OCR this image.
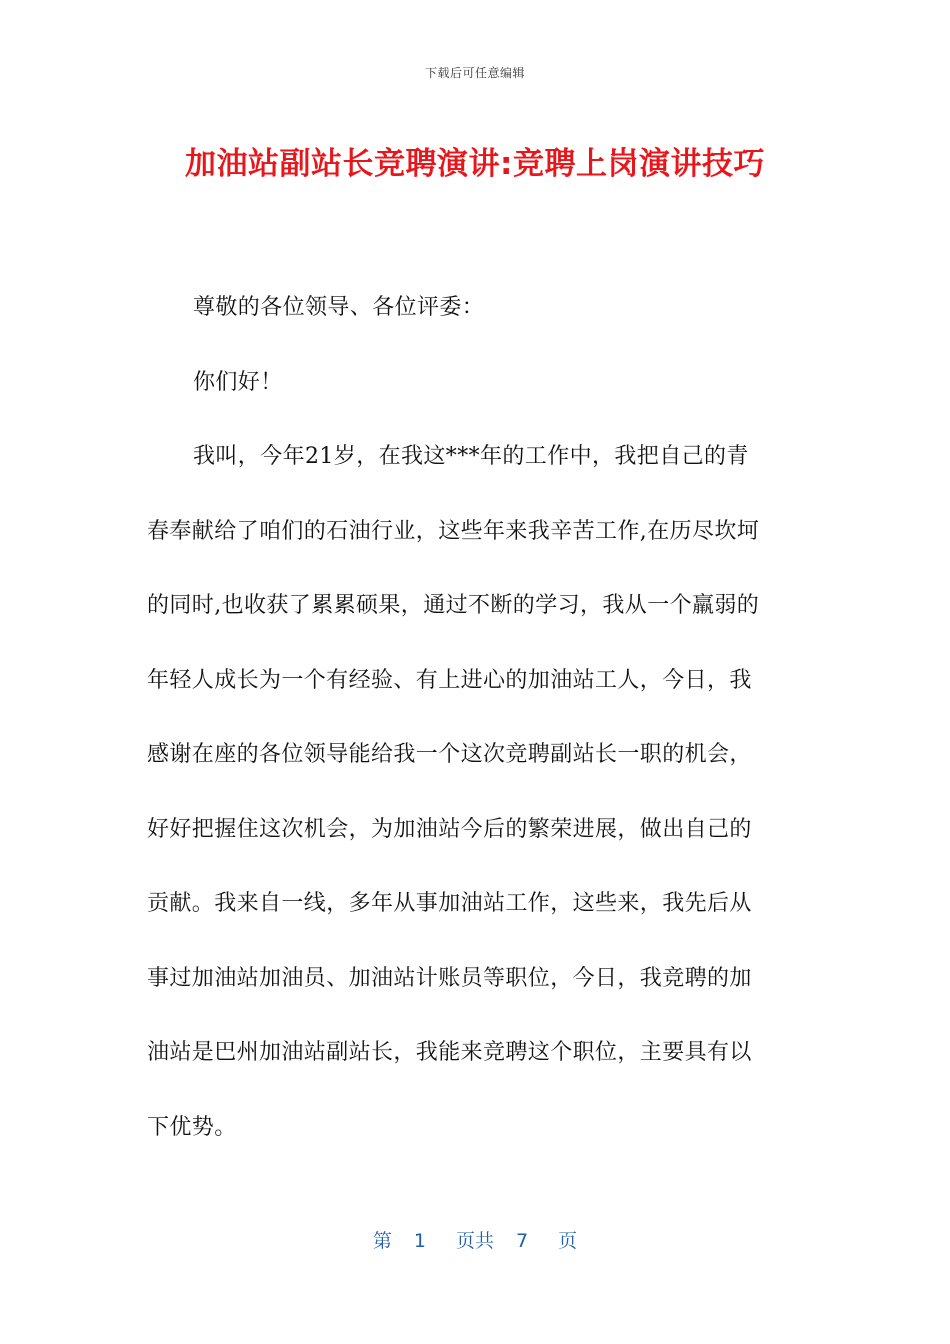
下载后可任意编辑
加油站副站长竞聘演讲:竞聘上岗演讲技巧
尊敬的各位领导、各位评委：
你们好！
我叫，今年21岁，在我这***年的工作中，我把自己的青
春奉献给了咱们的石油行业，这些年来我辛苦工作,在历尽坎坷
的同时,也收获了累累硕果，通过不断的学习，我从一个羸弱的
年轻人成长为一个有经验、有上进心的加油站工人，今日，我
感谢在座的各位领导能给我一个这次竞聘副站长一职的机会，
好好把握住这次机会，为加油站今后的繁荣进展，做出自己的
贡献。我来自一线，多年从事加油站工作，这些来，我先后从
事过加油站加油员、加油站计账员等职位，今日，我竞聘的加
油站是巴州加油站副站长，我能来竞聘这个职位，主要具有以
下优势。
第 1 页共 7 页
